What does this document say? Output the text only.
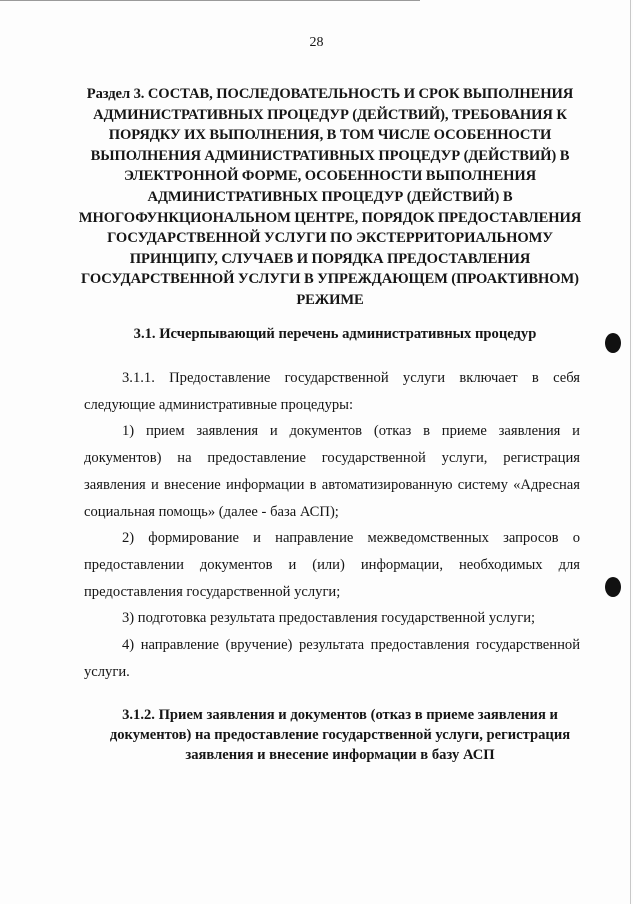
28
Раздел 3. СОСТАВ, ПОСЛЕДОВАТЕЛЬНОСТЬ И СРОК ВЫПОЛНЕНИЯ АДМИНИСТРАТИВНЫХ ПРОЦЕДУР (ДЕЙСТВИЙ), ТРЕБОВАНИЯ К ПОРЯДКУ ИХ ВЫПОЛНЕНИЯ, В ТОМ ЧИСЛЕ ОСОБЕННОСТИ ВЫПОЛНЕНИЯ АДМИНИСТРАТИВНЫХ ПРОЦЕДУР (ДЕЙСТВИЙ) В ЭЛЕКТРОННОЙ ФОРМЕ, ОСОБЕННОСТИ ВЫПОЛНЕНИЯ АДМИНИСТРАТИВНЫХ ПРОЦЕДУР (ДЕЙСТВИЙ) В МНОГОФУНКЦИОНАЛЬНОМ ЦЕНТРЕ, ПОРЯДОК ПРЕДОСТАВЛЕНИЯ ГОСУДАРСТВЕННОЙ УСЛУГИ ПО ЭКСТЕРРИТОРИАЛЬНОМУ ПРИНЦИПУ, СЛУЧАЕВ И ПОРЯДКА ПРЕДОСТАВЛЕНИЯ ГОСУДАРСТВЕННОЙ УСЛУГИ В УПРЕЖДАЮЩЕМ (ПРОАКТИВНОМ) РЕЖИМЕ
3.1. Исчерпывающий перечень административных процедур

3.1.1. Предоставление государственной услуги включает в себя следующие административные процедуры:

1) прием заявления и документов (отказ в приеме заявления и документов) на предоставление государственной услуги, регистрация заявления и внесение информации в автоматизированную систему «Адресная социальная помощь» (далее - база АСП);

2) формирование и направление межведомственных запросов о предоставлении документов и (или) информации, необходимых для предоставления государственной услуги;

3) подготовка результата предоставления государственной услуги;

4) направление (вручение) результата предоставления государственной услуги.

3.1.2. Прием заявления и документов (отказ в приеме заявления и документов) на предоставление государственной услуги, регистрация заявления и внесение информации в базу АСП
